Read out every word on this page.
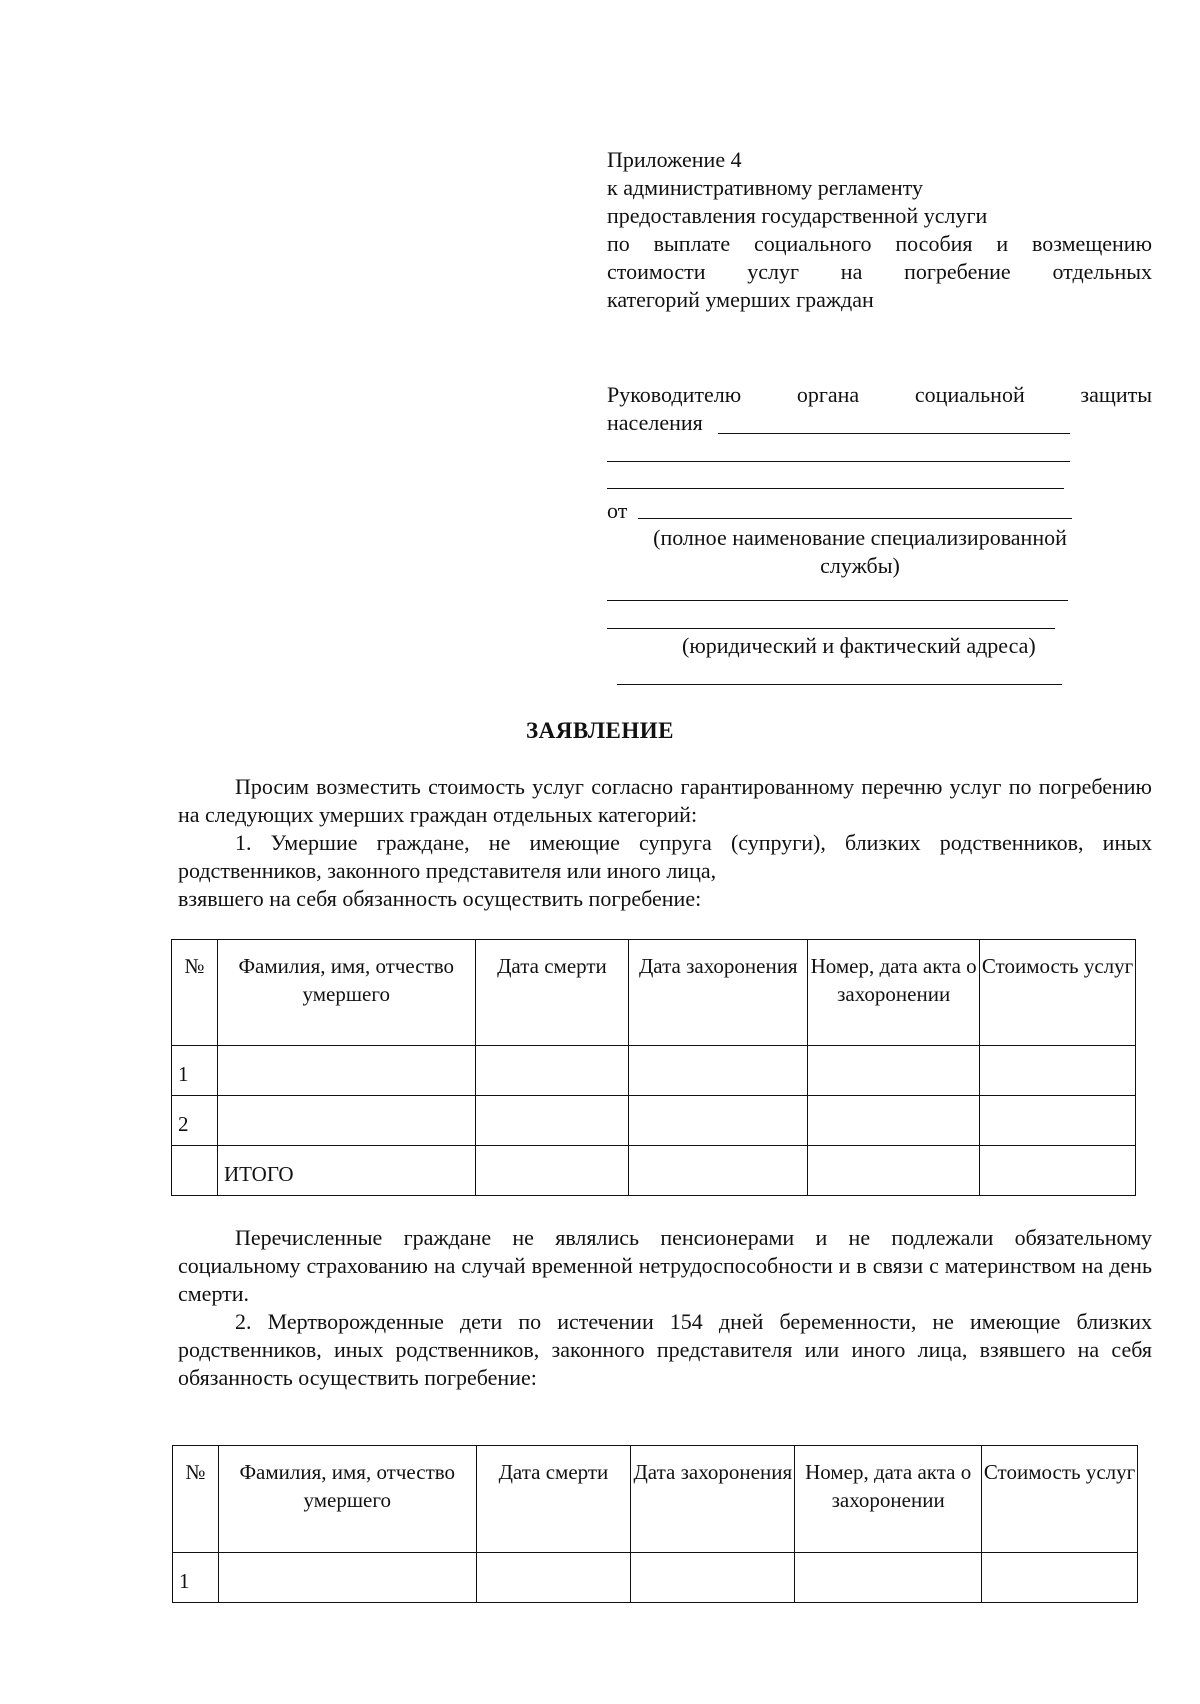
Приложение 4
к административному регламенту
предоставления государственной услуги
по выплате социального пособия и возмещению
стоимости услуг на погребение отдельных
категорий умерших граждан
Руководителю органа социальной защиты
населения
от
(полное наименование специализированной службы)
(юридический и фактический адреса)
ЗАЯВЛЕНИЕ
Просим возместить стоимость услуг согласно гарантированному перечню услуг по погребению на следующих умерших граждан отдельных категорий:
1. Умершие граждане, не имеющие супруга (супруги), близких родственников, иных родственников, законного представителя или иного лица,
взявшего на себя обязанность осуществить погребение:
№	Фамилия, имя, отчество умершего	Дата смерти	Дата захоронения	Номер, дата акта о захоронении	Стоимость услуг
1					
2					
	ИТОГО				
Перечисленные граждане не являлись пенсионерами и не подлежали обязательному социальному страхованию на случай временной нетрудоспособности и в связи с материнством на день смерти.
2. Мертворожденные дети по истечении 154 дней беременности, не имеющие близких родственников, иных родственников, законного представителя или иного лица, взявшего на себя обязанность осуществить погребение:
№	Фамилия, имя, отчество умершего	Дата смерти	Дата захоронения	Номер, дата акта о захоронении	Стоимость услуг
1					
